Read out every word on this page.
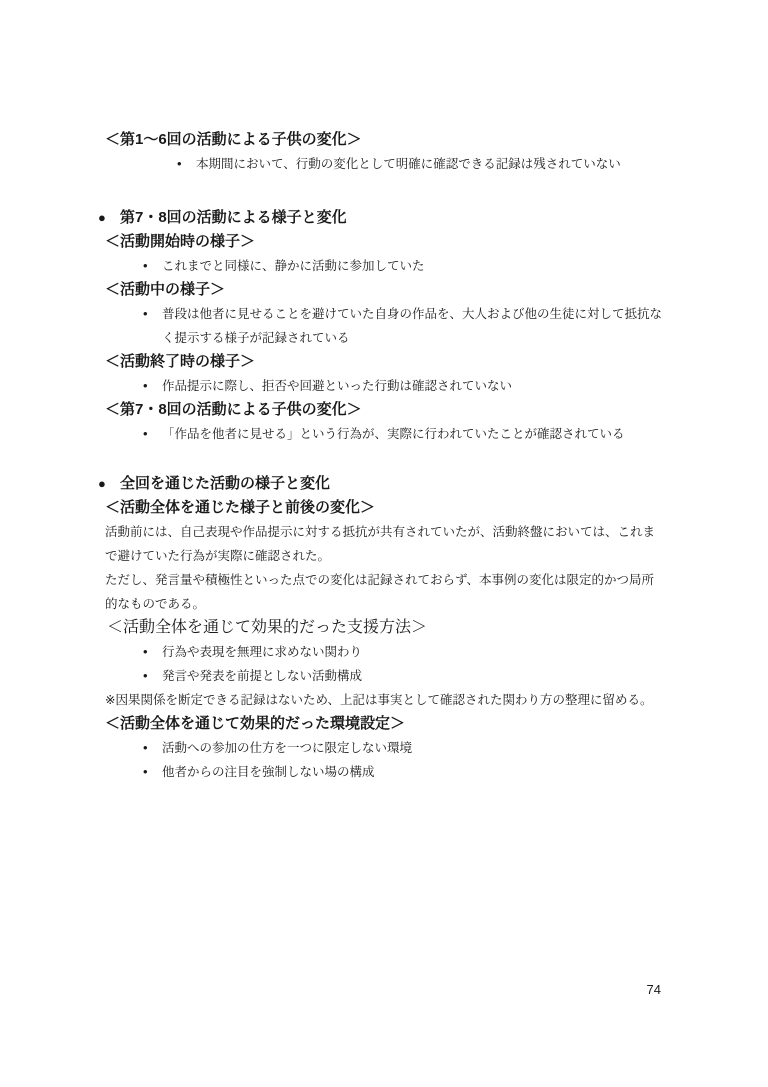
＜第1～6回の活動による子供の変化＞
•	本期間において、行動の変化として明確に確認できる記録は残されていない
● 第7・8回の活動による様子と変化
＜活動開始時の様子＞
•	これまでと同様に、静かに活動に参加していた
＜活動中の様子＞
•	普段は他者に見せることを避けていた自身の作品を、大人および他の生徒に対して抵抗なく提示する様子が記録されている
＜活動終了時の様子＞
•	作品提示に際し、拒否や回避といった行動は確認されていない
＜第7・8回の活動による子供の変化＞
•	「作品を他者に見せる」という行為が、実際に行われていたことが確認されている
● 全回を通じた活動の様子と変化
＜活動全体を通じた様子と前後の変化＞
活動前には、自己表現や作品提示に対する抵抗が共有されていたが、活動終盤においては、これまで避けていた行為が実際に確認された。
ただし、発言量や積極性といった点での変化は記録されておらず、本事例の変化は限定的かつ局所的なものである。
＜活動全体を通じて効果的だった支援方法＞
•	行為や表現を無理に求めない関わり
•	発言や発表を前提としない活動構成
※因果関係を断定できる記録はないため、上記は事実として確認された関わり方の整理に留める。
＜活動全体を通じて効果的だった環境設定＞
•	活動への参加の仕方を一つに限定しない環境
•	他者からの注目を強制しない場の構成
74
